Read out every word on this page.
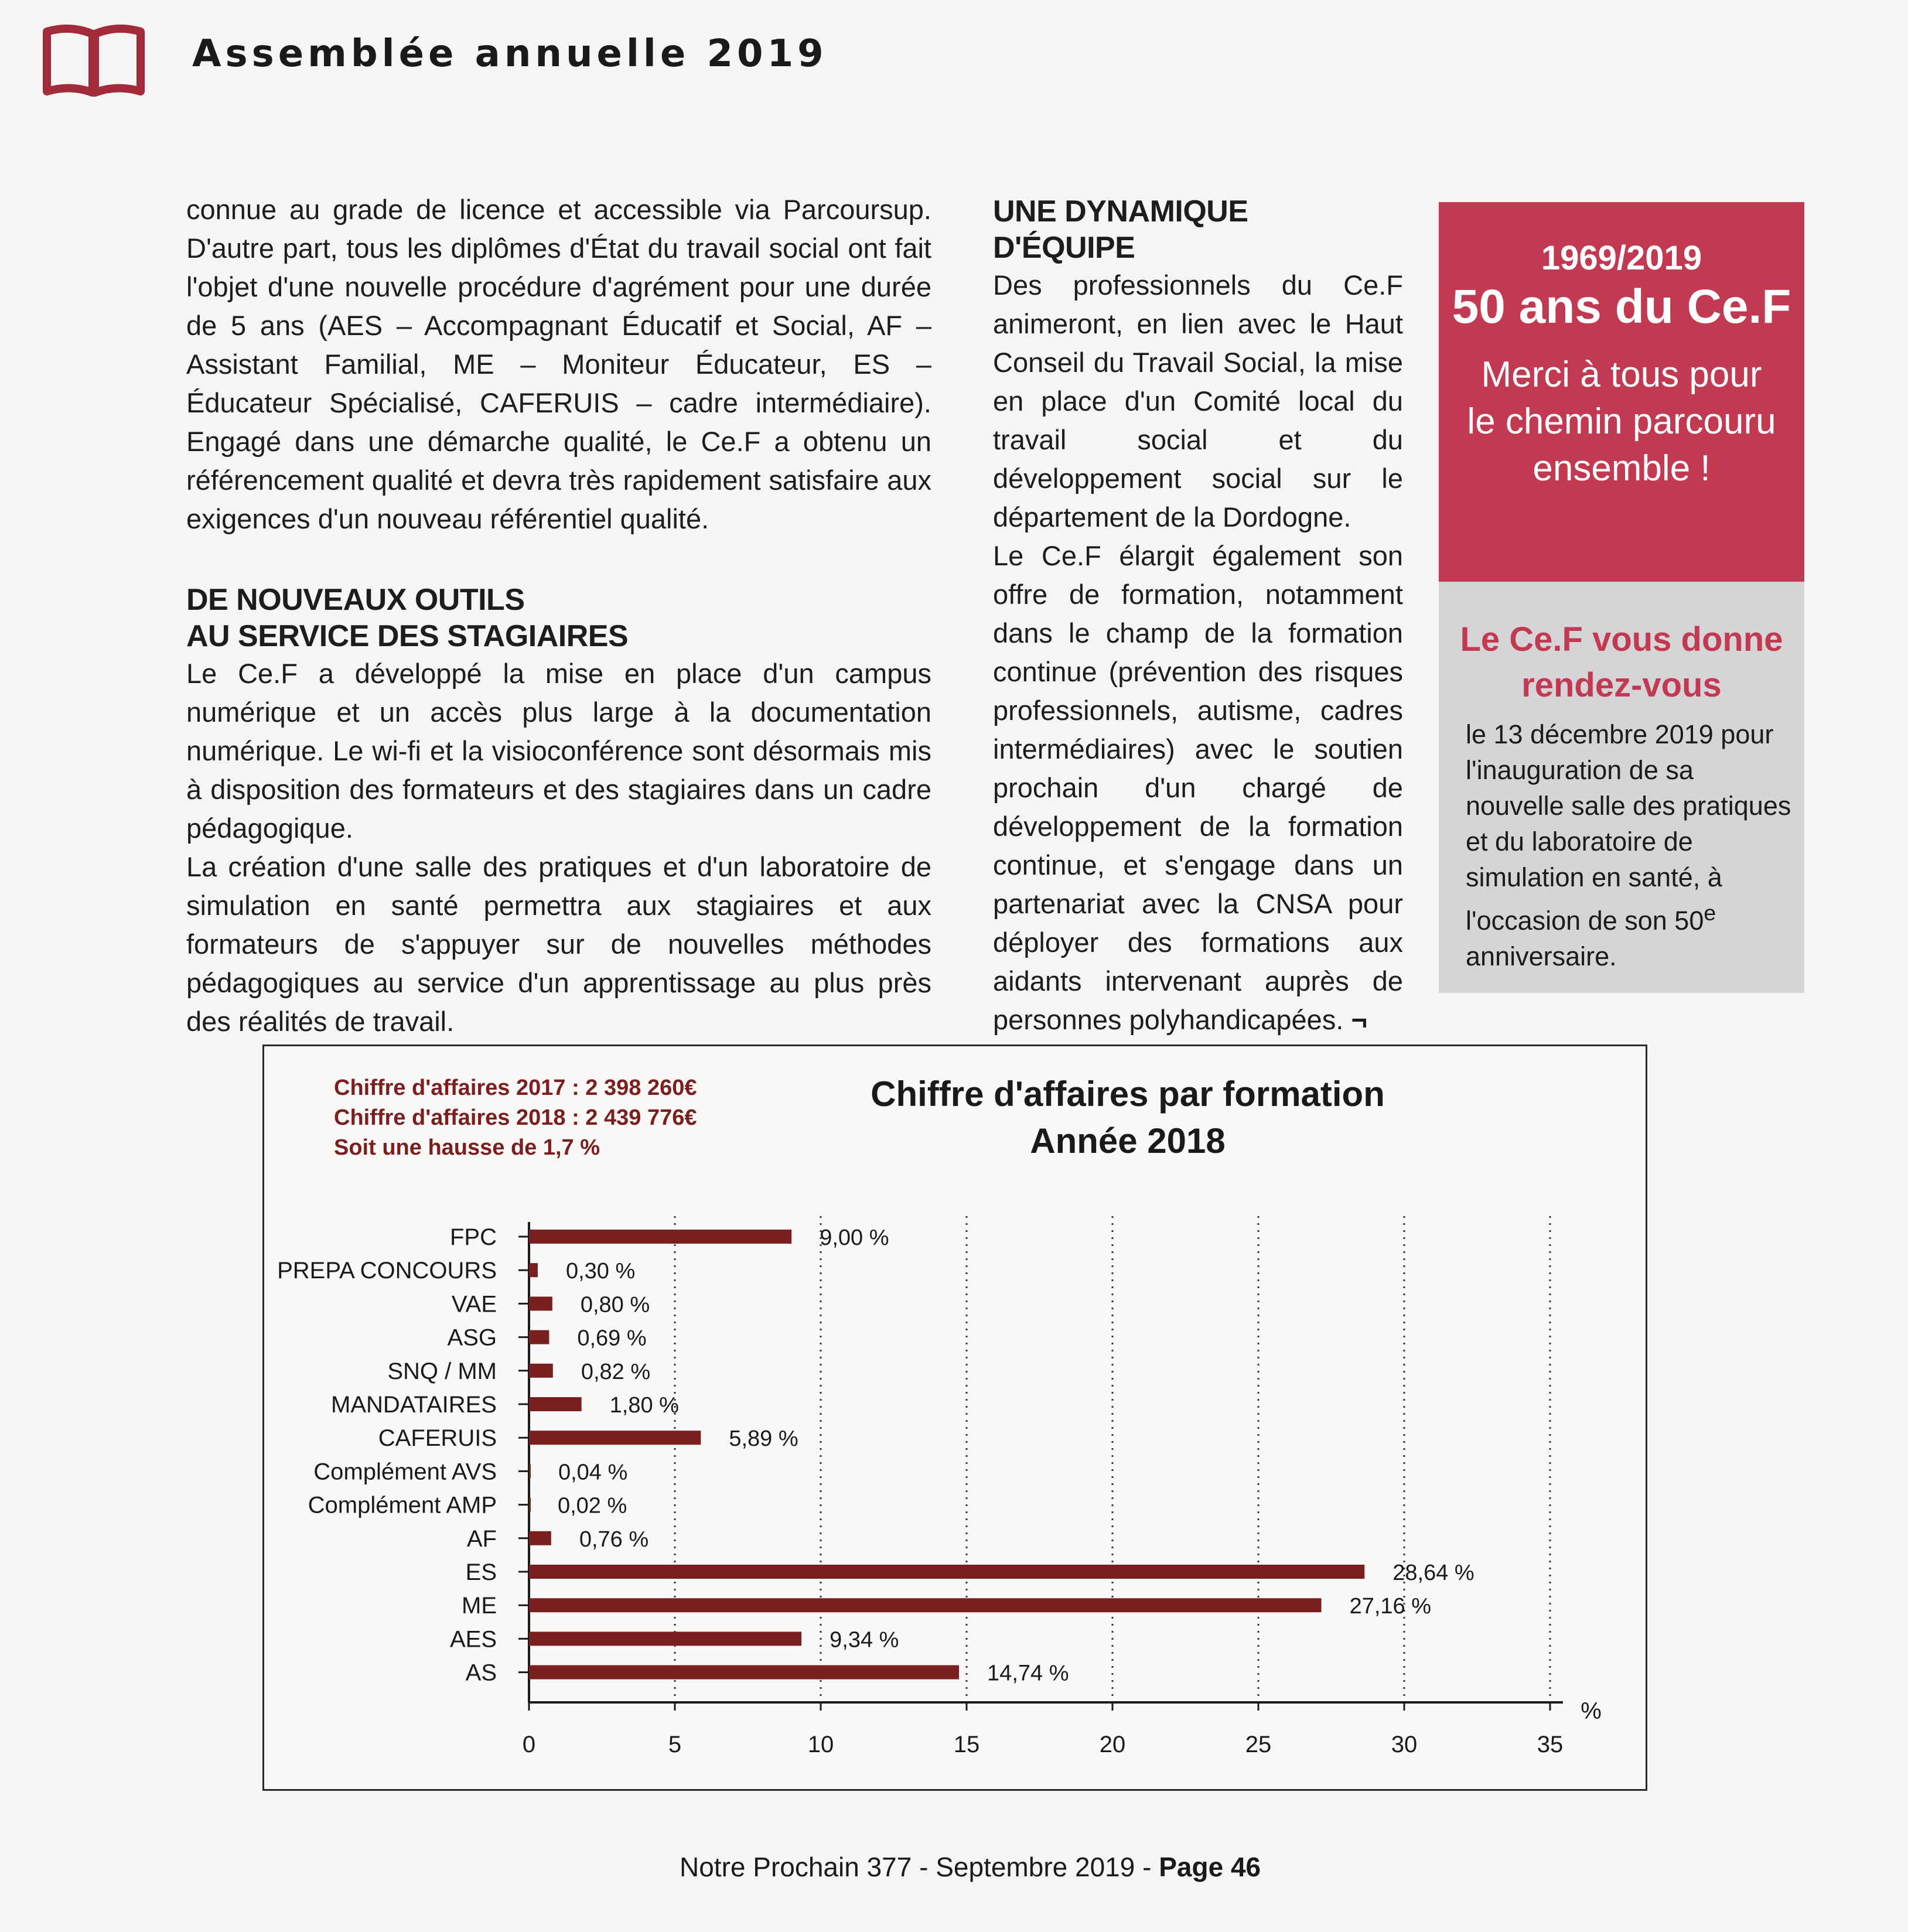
Assemblée annuelle 2019

connue au grade de licence et accessible via Parcoursup. D'autre part, tous les diplômes d'État du travail social ont fait l'objet d'une nouvelle procédure d'agrément pour une durée de 5 ans (AES – Accompagnant Éducatif et Social, AF – Assistant Familial, ME – Moniteur Éducateur, ES – Éducateur Spécialisé, CAFERUIS – cadre intermédiaire). Engagé dans une démarche qualité, le Ce.F a obtenu un référencement qualité et devra très rapidement satisfaire aux exigences d'un nouveau référentiel qualité.

DE NOUVEAUX OUTILS
AU SERVICE DES STAGIAIRES

Le Ce.F a développé la mise en place d'un campus numérique et un accès plus large à la documentation numérique. Le wi-fi et la visioconférence sont désormais mis à disposition des formateurs et des stagiaires dans un cadre pédagogique.

La création d'une salle des pratiques et d'un laboratoire de simulation en santé permettra aux stagiaires et aux formateurs de s'appuyer sur de nouvelles méthodes pédagogiques au service d'un apprentissage au plus près des réalités de travail.

UNE DYNAMIQUE
D'ÉQUIPE

Des professionnels du Ce.F animeront, en lien avec le Haut Conseil du Travail Social, la mise en place d'un Comité local du travail social et du développement social sur le département de la Dordogne.

Le Ce.F élargit également son offre de formation, notamment dans le champ de la formation continue (prévention des risques professionnels, autisme, cadres intermédiaires) avec le soutien prochain d'un chargé de développement de la formation continue, et s'engage dans un partenariat avec la CNSA pour déployer des formations aux aidants intervenant auprès de personnes polyhandicapées. ¬

1969/2019
50 ans du Ce.F
Merci à tous pour le chemin parcouru ensemble !
Le Ce.F vous donne
rendez-vous
le 13 décembre 2019 pour l'inauguration de sa nouvelle salle des pratiques et du laboratoire de simulation en santé, à l'occasion de son 50e anniversaire.
0	5	10	15	20	25	30	35
%
FPC	9,00 %
PREPA CONCOURS	0,30 %
VAE	0,80 %
ASG	0,69 %
SNQ / MM	0,82 %
MANDATAIRES	1,80 %
CAFERUIS	5,89 %
Complément AVS	0,04 %
Complément AMP	0,02 %
AF	0,76 %
ES	28,64 %
ME	27,16 %
AES	9,34 %
AS	14,74 %
Chiffre d'affaires 2017 : 2 398 260€
Chiffre d'affaires 2018 : 2 439 776€
Soit une hausse de 1,7 %
Chiffre d'affaires par formation
Année 2018
Notre Prochain 377 - Septembre 2019 - Page 46
